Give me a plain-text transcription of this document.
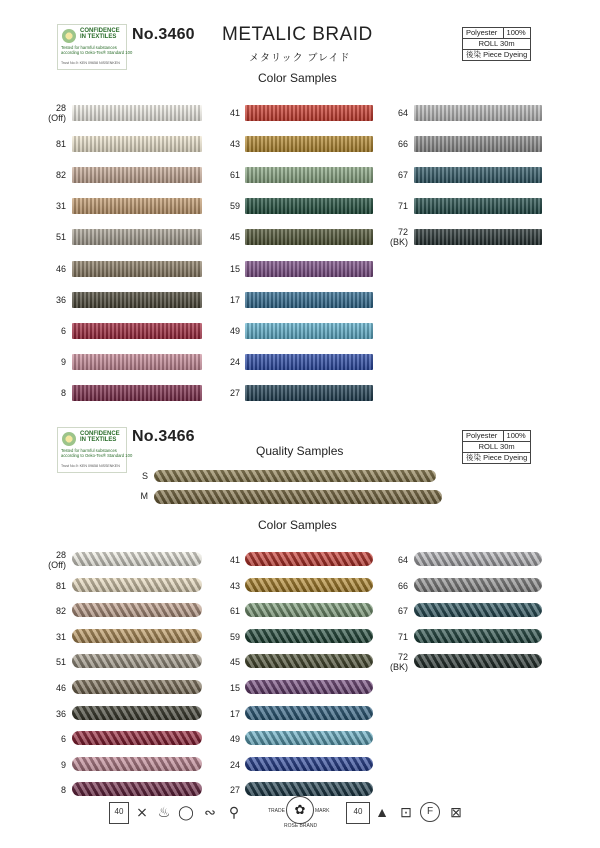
CONFIDENCE
IN TEXTILES
Tested for harmful substances
according to Oeko-Tex® Standard 100
Trust No.9: KEN 09658 NISSENKEN
No.3460 METALIC BRAID
メタリック ブレイド
Polyester	100%
ROLL 30m
後染 Piece Dyeing
Color Samples
28
(Off)
81
82
31
51
46
36
6
9
8
41
43
61
59
45
15
17
49
24
27
64
66
67
71
72
(BK)
CONFIDENCE
IN TEXTILES
Tested for harmful substances
according to Oeko-Tex® Standard 100
Trust No.9: KEN 09658 NISSENKEN
No.3466	Polyester	100%
ROLL 30m
後染 Piece Dyeing
Quality Samples
S
M
Color Samples
28
(Off)
81
82
31
51
46
36
6
9
8
41
43
61
59
45
15
17
49
24
27
64
66
67
71
72
(BK)
40 ⨯ ♨ ◯ ∾ ⚲	TRADE ✿	MARK
ROSE BRAND
40 ▲ ⊡	F	⊠
